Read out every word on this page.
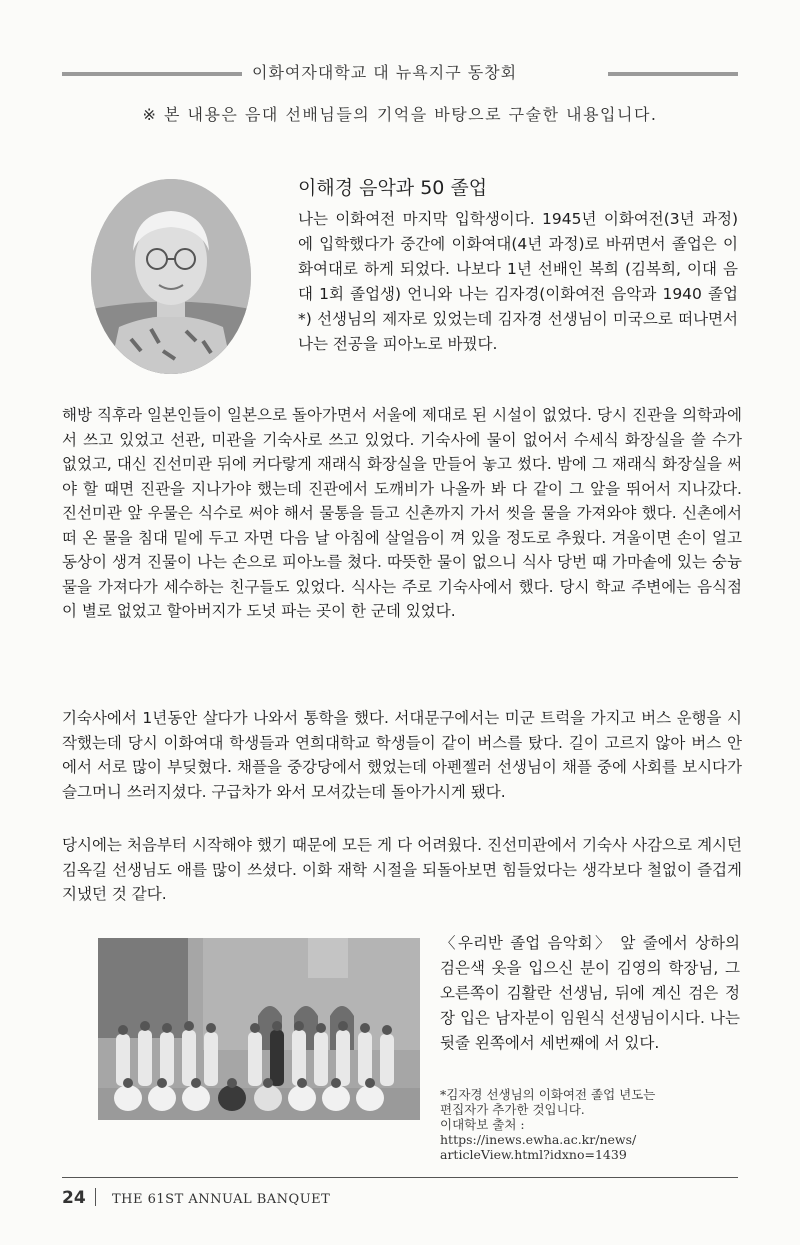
이화여자대학교 대 뉴욕지구 동창회
※ 본 내용은 음대 선배님들의 기억을 바탕으로 구술한 내용입니다.
이해경 음악과 50 졸업
나는 이화여전 마지막 입학생이다. 1945년 이화여전(3년 과정)에 입학했다가 중간에 이화여대(4년 과정)로 바뀌면서 졸업은 이화여대로 하게 되었다. 나보다 1년 선배인 복희 (김복희, 이대 음대 1회 졸업생) 언니와 나는 김자경(이화여전 음악과 1940 졸업*) 선생님의 제자로 있었는데 김자경 선생님이 미국으로 떠나면서 나는 전공을 피아노로 바꿨다.

해방 직후라 일본인들이 일본으로 돌아가면서 서울에 제대로 된 시설이 없었다. 당시 진관을 의학과에서 쓰고 있었고 선관, 미관을 기숙사로 쓰고 있었다. 기숙사에 물이 없어서 수세식 화장실을 쓸 수가 없었고, 대신 진선미관 뒤에 커다랗게 재래식 화장실을 만들어 놓고 썼다. 밤에 그 재래식 화장실을 써야 할 때면 진관을 지나가야 했는데 진관에서 도깨비가 나올까 봐 다 같이 그 앞을 뛰어서 지나갔다. 진선미관 앞 우물은 식수로 써야 해서 물통을 들고 신촌까지 가서 씻을 물을 가져와야 했다. 신촌에서 떠 온 물을 침대 밑에 두고 자면 다음 날 아침에 살얼음이 껴 있을 정도로 추웠다. 겨울이면 손이 얼고 동상이 생겨 진물이 나는 손으로 피아노를 쳤다. 따뜻한 물이 없으니 식사 당번 때 가마솥에 있는 숭늉 물을 가져다가 세수하는 친구들도 있었다. 식사는 주로 기숙사에서 했다. 당시 학교 주변에는 음식점이 별로 없었고 할아버지가 도넛 파는 곳이 한 군데 있었다.

기숙사에서 1년동안 살다가 나와서 통학을 했다. 서대문구에서는 미군 트럭을 가지고 버스 운행을 시작했는데 당시 이화여대 학생들과 연희대학교 학생들이 같이 버스를 탔다. 길이 고르지 않아 버스 안에서 서로 많이 부딪혔다. 채플을 중강당에서 했었는데 아펜젤러 선생님이 채플 중에 사회를 보시다가 슬그머니 쓰러지셨다. 구급차가 와서 모셔갔는데 돌아가시게 됐다.

당시에는 처음부터 시작해야 했기 때문에 모든 게 다 어려웠다. 진선미관에서 기숙사 사감으로 계시던 김옥길 선생님도 애를 많이 쓰셨다. 이화 재학 시절을 되돌아보면 힘들었다는 생각보다 철없이 즐겁게 지냈던 것 같다.

〈우리반 졸업 음악회〉 앞 줄에서 상하의 검은색 옷을 입으신 분이 김영의 학장님, 그 오른쪽이 김활란 선생님, 뒤에 계신 검은 정장 입은 남자분이 임원식 선생님이시다. 나는 뒷줄 왼쪽에서 세번째에 서 있다.
*김자경 선생님의 이화여전 졸업 년도는
편집자가 추가한 것입니다.
이대학보 출처 :
https://inews.ewha.ac.kr/news/
articleView.html?idxno=1439
24 THE 61ST ANNUAL BANQUET
